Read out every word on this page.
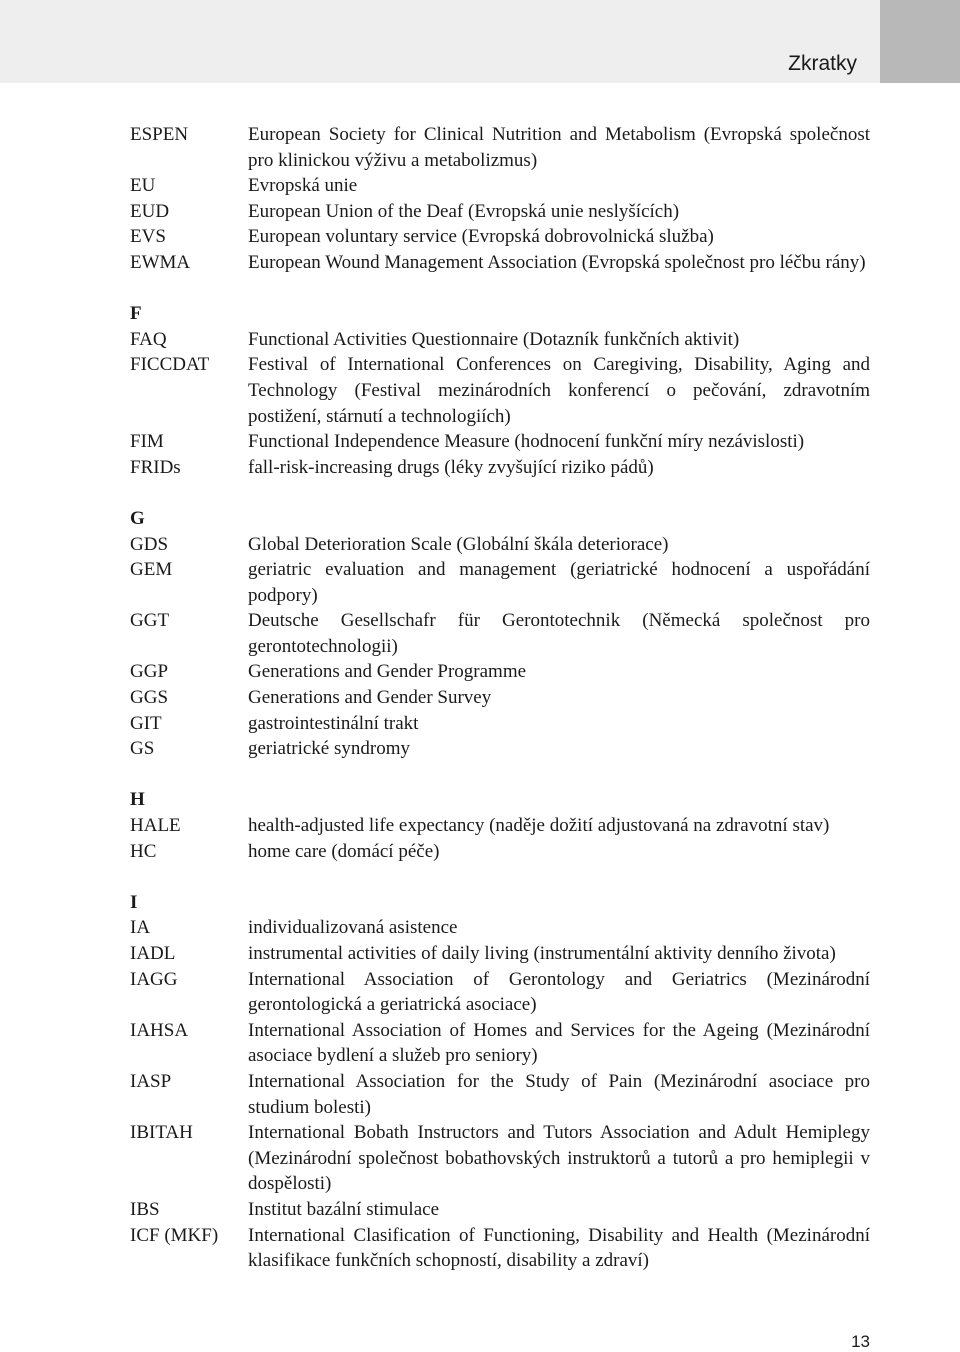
Zkratky
ESPEN	European Society for Clinical Nutrition and Metabolism (Evropská společnost pro klinickou výživu a metabolizmus)
EU	Evropská unie
EUD	European Union of the Deaf (Evropská unie neslyšících)
EVS	European voluntary service (Evropská dobrovolnická služba)
EWMA	European Wound Management Association (Evropská společnost pro léčbu rány)
F
FAQ	Functional Activities Questionnaire (Dotazník funkčních aktivit)
FICCDAT	Festival of International Conferences on Caregiving, Disability, Aging and Technology (Festival mezinárodních konferencí o pečování, zdravotním postižení, stárnutí a technologiích)
FIM	Functional Independence Measure (hodnocení funkční míry nezávislosti)
FRIDs	fall-risk-increasing drugs (léky zvyšující riziko pádů)
G
GDS	Global Deterioration Scale (Globální škála deteriorace)
GEM	geriatric evaluation and management (geriatrické hodnocení a uspořádání podpory)
GGT	Deutsche Gesellschafr für Gerontotechnik (Německá společnost pro gerontotechnologii)
GGP	Generations and Gender Programme
GGS	Generations and Gender Survey
GIT	gastrointestinální trakt
GS	geriatrické syndromy
H
HALE	health-adjusted life expectancy (naděje dožití adjustovaná na zdravotní stav)
HC	home care (domácí péče)
I
IA	individualizovaná asistence
IADL	instrumental activities of daily living (instrumentální aktivity denního života)
IAGG	International Association of Gerontology and Geriatrics (Mezinárodní gerontologická a geriatrická asociace)
IAHSA	International Association of Homes and Services for the Ageing (Mezinárodní asociace bydlení a služeb pro seniory)
IASP	International Association for the Study of Pain (Mezinárodní asociace pro studium bolesti)
IBITAH	International Bobath Instructors and Tutors Association and Adult Hemiplegy (Mezinárodní společnost bobathovských instruktorů a tutorů a pro hemiplegii v dospělosti)
IBS	Institut bazální stimulace
ICF (MKF)	International Clasification of Functioning, Disability and Health (Mezinárodní klasifikace funkčních schopností, disability a zdraví)
13
